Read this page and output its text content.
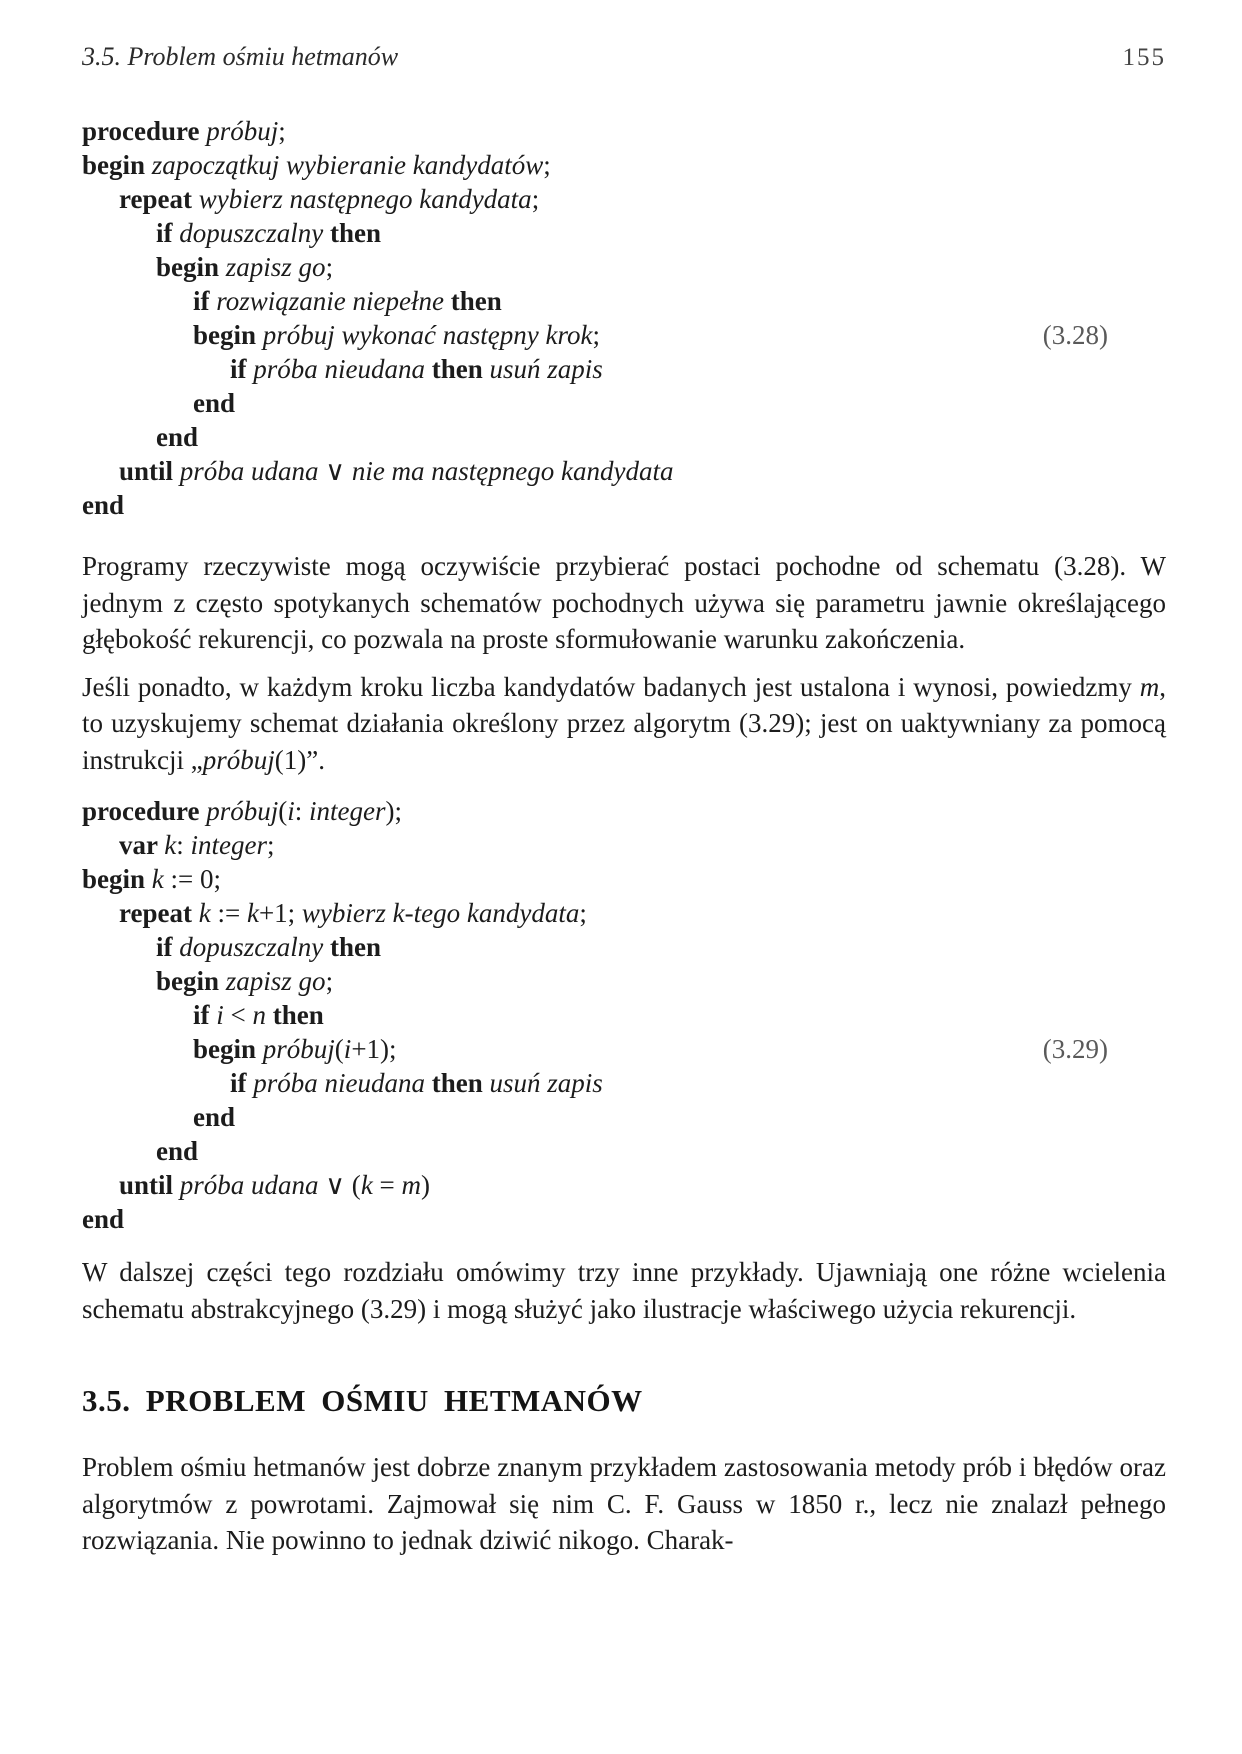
3.5. Problem ośmiu hetmanów	155
procedure próbuj;
begin zapoczątkuj wybieranie kandydatów;
repeat wybierz następnego kandydata;
if dopuszczalny then
begin zapisz go;
if rozwiązanie niepełne then
begin próbuj wykonać następny krok;	(3.28)
if próba nieudana then usuń zapis
end
end
until próba udana ∨ nie ma następnego kandydata
end

Programy rzeczywiste mogą oczywiście przybierać postaci pochodne od schematu (3.28). W jednym z często spotykanych schematów pochodnych używa się parametru jawnie określającego głębokość rekurencji, co pozwala na proste sformułowanie warunku zakończenia.

Jeśli ponadto, w każdym kroku liczba kandydatów badanych jest ustalona i wynosi, powiedzmy m, to uzyskujemy schemat działania określony przez algorytm (3.29); jest on uaktywniany za pomocą instrukcji „próbuj(1)”.

procedure próbuj(i: integer);
var k: integer;
begin k := 0;
repeat k := k+1; wybierz k-tego kandydata;
if dopuszczalny then
begin zapisz go;
if i < n then
begin próbuj(i+1);	(3.29)
if próba nieudana then usuń zapis
end
end
until próba udana ∨ (k = m)
end

W dalszej części tego rozdziału omówimy trzy inne przykłady. Ujawniają one różne wcielenia schematu abstrakcyjnego (3.29) i mogą służyć jako ilustracje właściwego użycia rekurencji.

3.5. PROBLEM OŚMIU HETMANÓW

Problem ośmiu hetmanów jest dobrze znanym przykładem zastosowania metody prób i błędów oraz algorytmów z powrotami. Zajmował się nim C. F. Gauss w 1850 r., lecz nie znalazł pełnego rozwiązania. Nie powinno to jednak dziwić nikogo. Charak-
